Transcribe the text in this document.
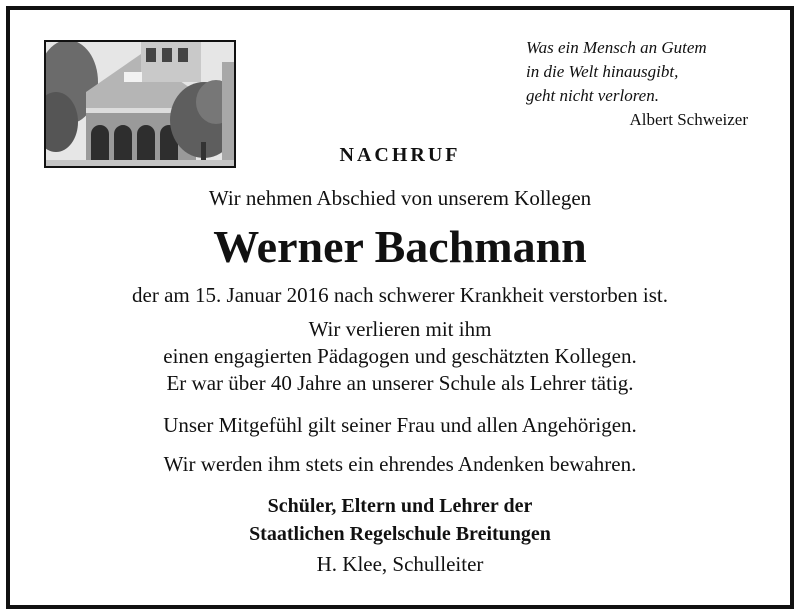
Was ein Mensch an Gutem
in die Welt hinausgibt,
geht nicht verloren.
Albert Schweizer
NACHRUF
Wir nehmen Abschied von unserem Kollegen
Werner Bachmann
der am 15. Januar 2016 nach schwerer Krankheit verstorben ist.
Wir verlieren mit ihm
einen engagierten Pädagogen und geschätzten Kollegen.
Er war über 40 Jahre an unserer Schule als Lehrer tätig.
Unser Mitgefühl gilt seiner Frau und allen Angehörigen.
Wir werden ihm stets ein ehrendes Andenken bewahren.
Schüler, Eltern und Lehrer der
Staatlichen Regelschule Breitungen
H. Klee, Schulleiter
